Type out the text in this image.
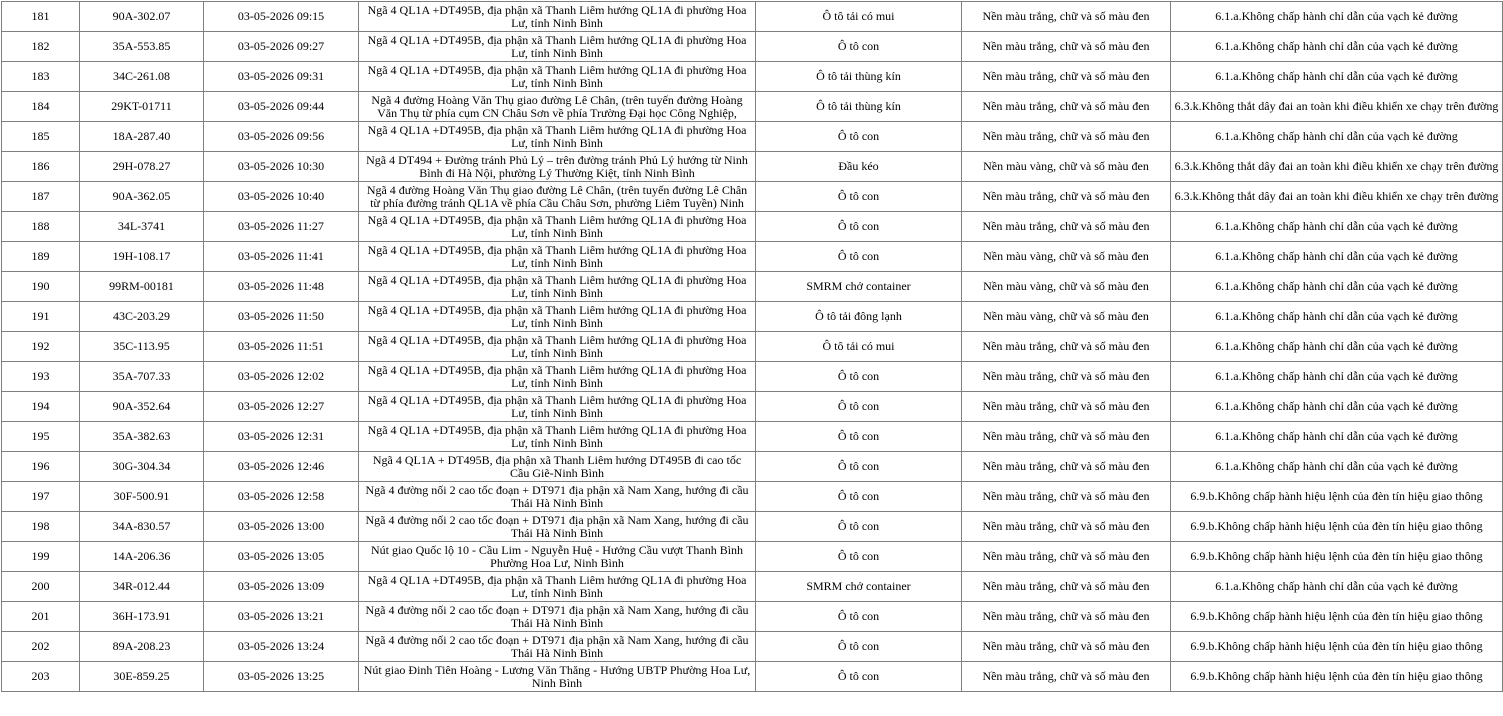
181	90A-302.07	03-05-2026 09:15	Ngã 4 QL1A +DT495B, địa phận xã Thanh Liêm hướng QL1A đi phường Hoa Lư, tỉnh Ninh Bình	Ô tô tải có mui	Nền màu trắng, chữ và số màu đen	6.1.a.Không chấp hành chỉ dẫn của vạch kẻ đường
182	35A-553.85	03-05-2026 09:27	Ngã 4 QL1A +DT495B, địa phận xã Thanh Liêm hướng QL1A đi phường Hoa Lư, tỉnh Ninh Bình	Ô tô con	Nền màu trắng, chữ và số màu đen	6.1.a.Không chấp hành chỉ dẫn của vạch kẻ đường
183	34C-261.08	03-05-2026 09:31	Ngã 4 QL1A +DT495B, địa phận xã Thanh Liêm hướng QL1A đi phường Hoa Lư, tỉnh Ninh Bình	Ô tô tải thùng kín	Nền màu trắng, chữ và số màu đen	6.1.a.Không chấp hành chỉ dẫn của vạch kẻ đường
184	29KT-01711	03-05-2026 09:44	Ngã 4 đường Hoàng Văn Thụ giao đường Lê Chân, (trên tuyến đường Hoàng Văn Thụ từ phía cụm CN Châu Sơn về phía Trường Đại học Công Nghiệp,	Ô tô tải thùng kín	Nền màu trắng, chữ và số màu đen	6.3.k.Không thắt dây đai an toàn khi điều khiển xe chạy trên đường
185	18A-287.40	03-05-2026 09:56	Ngã 4 QL1A +DT495B, địa phận xã Thanh Liêm hướng QL1A đi phường Hoa Lư, tỉnh Ninh Bình	Ô tô con	Nền màu trắng, chữ và số màu đen	6.1.a.Không chấp hành chỉ dẫn của vạch kẻ đường
186	29H-078.27	03-05-2026 10:30	Ngã 4 DT494 + Đường tránh Phủ Lý – trên đường tránh Phủ Lý hướng từ Ninh Bình đi Hà Nội, phường Lý Thường Kiệt, tỉnh Ninh Bình	Đầu kéo	Nền màu vàng, chữ và số màu đen	6.3.k.Không thắt dây đai an toàn khi điều khiển xe chạy trên đường
187	90A-362.05	03-05-2026 10:40	Ngã 4 đường Hoàng Văn Thụ giao đường Lê Chân, (trên tuyến đường Lê Chân từ phía đường tránh QL1A về phía Cầu Châu Sơn, phường Liêm Tuyền) Ninh	Ô tô con	Nền màu trắng, chữ và số màu đen	6.3.k.Không thắt dây đai an toàn khi điều khiển xe chạy trên đường
188	34L-3741	03-05-2026 11:27	Ngã 4 QL1A +DT495B, địa phận xã Thanh Liêm hướng QL1A đi phường Hoa Lư, tỉnh Ninh Bình	Ô tô con	Nền màu trắng, chữ và số màu đen	6.1.a.Không chấp hành chỉ dẫn của vạch kẻ đường
189	19H-108.17	03-05-2026 11:41	Ngã 4 QL1A +DT495B, địa phận xã Thanh Liêm hướng QL1A đi phường Hoa Lư, tỉnh Ninh Bình	Ô tô con	Nền màu vàng, chữ và số màu đen	6.1.a.Không chấp hành chỉ dẫn của vạch kẻ đường
190	99RM-00181	03-05-2026 11:48	Ngã 4 QL1A +DT495B, địa phận xã Thanh Liêm hướng QL1A đi phường Hoa Lư, tỉnh Ninh Bình	SMRM chở container	Nền màu vàng, chữ và số màu đen	6.1.a.Không chấp hành chỉ dẫn của vạch kẻ đường
191	43C-203.29	03-05-2026 11:50	Ngã 4 QL1A +DT495B, địa phận xã Thanh Liêm hướng QL1A đi phường Hoa Lư, tỉnh Ninh Bình	Ô tô tải đông lạnh	Nền màu vàng, chữ và số màu đen	6.1.a.Không chấp hành chỉ dẫn của vạch kẻ đường
192	35C-113.95	03-05-2026 11:51	Ngã 4 QL1A +DT495B, địa phận xã Thanh Liêm hướng QL1A đi phường Hoa Lư, tỉnh Ninh Bình	Ô tô tải có mui	Nền màu trắng, chữ và số màu đen	6.1.a.Không chấp hành chỉ dẫn của vạch kẻ đường
193	35A-707.33	03-05-2026 12:02	Ngã 4 QL1A +DT495B, địa phận xã Thanh Liêm hướng QL1A đi phường Hoa Lư, tỉnh Ninh Bình	Ô tô con	Nền màu trắng, chữ và số màu đen	6.1.a.Không chấp hành chỉ dẫn của vạch kẻ đường
194	90A-352.64	03-05-2026 12:27	Ngã 4 QL1A +DT495B, địa phận xã Thanh Liêm hướng QL1A đi phường Hoa Lư, tỉnh Ninh Bình	Ô tô con	Nền màu trắng, chữ và số màu đen	6.1.a.Không chấp hành chỉ dẫn của vạch kẻ đường
195	35A-382.63	03-05-2026 12:31	Ngã 4 QL1A +DT495B, địa phận xã Thanh Liêm hướng QL1A đi phường Hoa Lư, tỉnh Ninh Bình	Ô tô con	Nền màu trắng, chữ và số màu đen	6.1.a.Không chấp hành chỉ dẫn của vạch kẻ đường
196	30G-304.34	03-05-2026 12:46	Ngã 4 QL1A + DT495B, địa phận xã Thanh Liêm hướng DT495B đi cao tốc Cầu Giẽ-Ninh Bình	Ô tô con	Nền màu trắng, chữ và số màu đen	6.1.a.Không chấp hành chỉ dẫn của vạch kẻ đường
197	30F-500.91	03-05-2026 12:58	Ngã 4 đường nối 2 cao tốc đoạn + DT971 địa phận xã Nam Xang, hướng đi cầu Thái Hà Ninh Bình	Ô tô con	Nền màu trắng, chữ và số màu đen	6.9.b.Không chấp hành hiệu lệnh của đèn tín hiệu giao thông
198	34A-830.57	03-05-2026 13:00	Ngã 4 đường nối 2 cao tốc đoạn + DT971 địa phận xã Nam Xang, hướng đi cầu Thái Hà Ninh Bình	Ô tô con	Nền màu trắng, chữ và số màu đen	6.9.b.Không chấp hành hiệu lệnh của đèn tín hiệu giao thông
199	14A-206.36	03-05-2026 13:05	Nút giao Quốc lộ 10 - Cầu Lim - Nguyễn Huệ - Hướng Cầu vượt Thanh Bình Phường Hoa Lư, Ninh Bình	Ô tô con	Nền màu trắng, chữ và số màu đen	6.9.b.Không chấp hành hiệu lệnh của đèn tín hiệu giao thông
200	34R-012.44	03-05-2026 13:09	Ngã 4 QL1A +DT495B, địa phận xã Thanh Liêm hướng QL1A đi phường Hoa Lư, tỉnh Ninh Bình	SMRM chở container	Nền màu trắng, chữ và số màu đen	6.1.a.Không chấp hành chỉ dẫn của vạch kẻ đường
201	36H-173.91	03-05-2026 13:21	Ngã 4 đường nối 2 cao tốc đoạn + DT971 địa phận xã Nam Xang, hướng đi cầu Thái Hà Ninh Bình	Ô tô con	Nền màu trắng, chữ và số màu đen	6.9.b.Không chấp hành hiệu lệnh của đèn tín hiệu giao thông
202	89A-208.23	03-05-2026 13:24	Ngã 4 đường nối 2 cao tốc đoạn + DT971 địa phận xã Nam Xang, hướng đi cầu Thái Hà Ninh Bình	Ô tô con	Nền màu trắng, chữ và số màu đen	6.9.b.Không chấp hành hiệu lệnh của đèn tín hiệu giao thông
203	30E-859.25	03-05-2026 13:25	Nút giao Đinh Tiên Hoàng - Lương Văn Thăng - Hướng UBTP Phường Hoa Lư, Ninh Bình	Ô tô con	Nền màu trắng, chữ và số màu đen	6.9.b.Không chấp hành hiệu lệnh của đèn tín hiệu giao thông
